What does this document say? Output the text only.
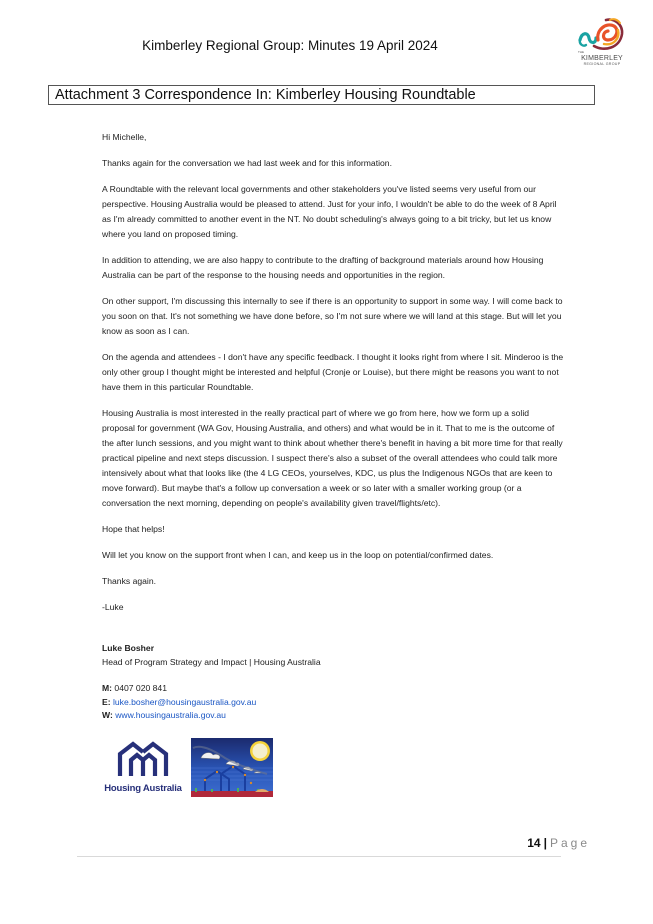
Kimberley Regional Group: Minutes 19 April 2024	THE
KIMBERLEY
REGIONAL GROUP
Attachment 3 Correspondence In: Kimberley Housing Roundtable

Hi Michelle,

Thanks again for the conversation we had last week and for this information.

A Roundtable with the relevant local governments and other stakeholders you've listed seems very useful from our perspective. Housing Australia would be pleased to attend. Just for your info, I wouldn't be able to do the week of 8 April as I'm already committed to another event in the NT. No doubt scheduling's always going to a bit tricky, but let us know where you land on proposed timing.

In addition to attending, we are also happy to contribute to the drafting of background materials around how Housing Australia can be part of the response to the housing needs and opportunities in the region.

On other support, I'm discussing this internally to see if there is an opportunity to support in some way. I will come back to you soon on that. It's not something we have done before, so I'm not sure where we will land at this stage. But will let you know as soon as I can.

On the agenda and attendees - I don't have any specific feedback. I thought it looks right from where I sit. Minderoo is the only other group I thought might be interested and helpful (Cronje or Louise), but there might be reasons you want to not have them in this particular Roundtable.

Housing Australia is most interested in the really practical part of where we go from here, how we form up a solid proposal for government (WA Gov, Housing Australia, and others) and what would be in it. That to me is the outcome of the after lunch sessions, and you might want to think about whether there's benefit in having a bit more time for that really practical pipeline and next steps discussion. I suspect there's also a subset of the overall attendees who could talk more intensively about what that looks like (the 4 LG CEOs, yourselves, KDC, us plus the Indigenous NGOs that are keen to move forward). But maybe that's a follow up conversation a week or so later with a smaller working group (or a conversation the next morning, depending on people's availability given travel/flights/etc).

Hope that helps!

Will let you know on the support front when I can, and keep us in the loop on potential/confirmed dates.

Thanks again.

-Luke

Luke Bosher
Head of Program Strategy and Impact | Housing Australia
M: 0407 020 841
E: luke.bosher@housingaustralia.gov.au
W: www.housingaustralia.gov.au
Housing Australia
14 | Page
